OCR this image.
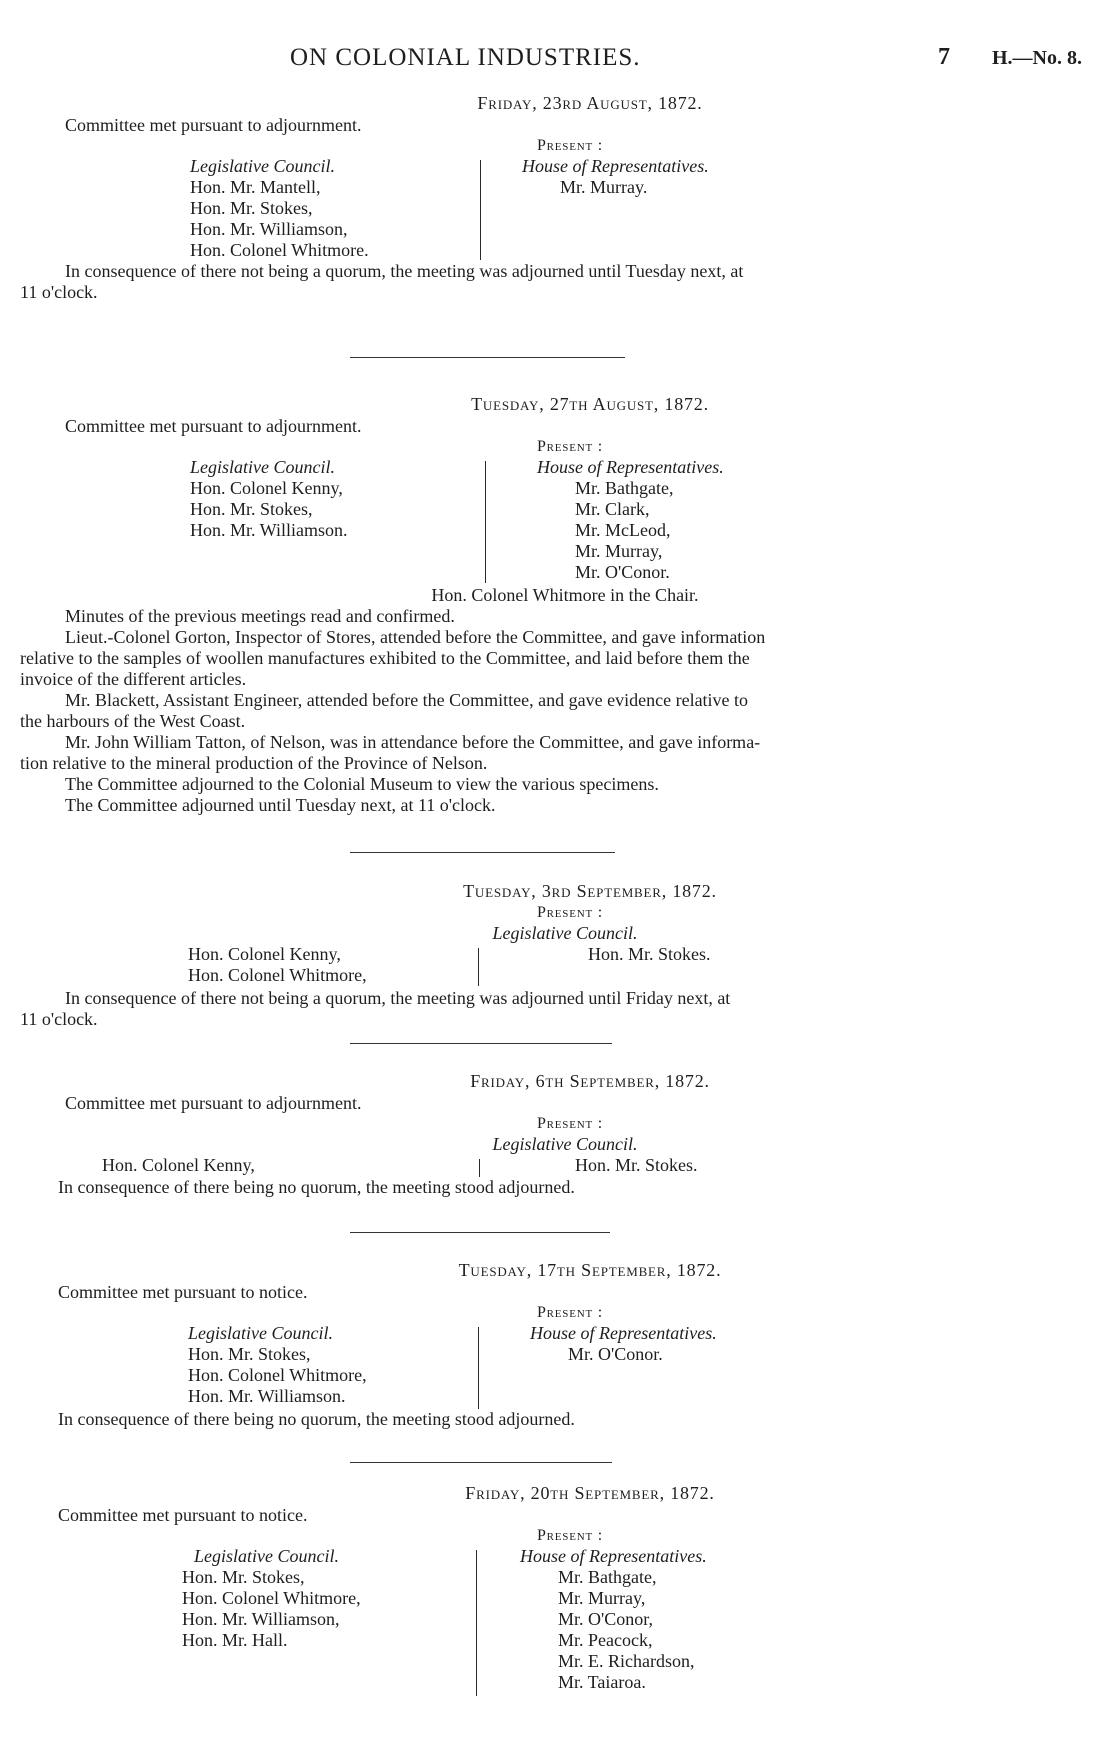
ON COLONIAL INDUSTRIES.	7 H.—No. 8.
Friday, 23rd August, 1872.
Committee met pursuant to adjournment.
Present :
Legislative Council.
Hon. Mr. Mantell,
Hon. Mr. Stokes,
Hon. Mr. Williamson,
Hon. Colonel Whitmore.
House of Representatives.
Mr. Murray.
In consequence of there not being a quorum, the meeting was adjourned until Tuesday next, at
11 o'clock.
Tuesday, 27th August, 1872.
Committee met pursuant to adjournment.
Present :
Legislative Council.
Hon. Colonel Kenny,
Hon. Mr. Stokes,
Hon. Mr. Williamson.
House of Representatives.
Mr. Bathgate,
Mr. Clark,
Mr. McLeod,
Mr. Murray,
Mr. O'Conor.
Hon. Colonel Whitmore in the Chair.
Minutes of the previous meetings read and confirmed.
Lieut.-Colonel Gorton, Inspector of Stores, attended before the Committee, and gave information
relative to the samples of woollen manufactures exhibited to the Committee, and laid before them the
invoice of the different articles.
Mr. Blackett, Assistant Engineer, attended before the Committee, and gave evidence relative to
the harbours of the West Coast.
Mr. John William Tatton, of Nelson, was in attendance before the Committee, and gave informa-
tion relative to the mineral production of the Province of Nelson.
The Committee adjourned to the Colonial Museum to view the various specimens.
The Committee adjourned until Tuesday next, at 11 o'clock.
Tuesday, 3rd September, 1872.
Present :
Legislative Council.
Hon. Colonel Kenny,
Hon. Colonel Whitmore,
Hon. Mr. Stokes.
In consequence of there not being a quorum, the meeting was adjourned until Friday next, at
11 o'clock.
Friday, 6th September, 1872.
Committee met pursuant to adjournment.
Present :
Legislative Council.
Hon. Colonel Kenny,	Hon. Mr. Stokes.
In consequence of there being no quorum, the meeting stood adjourned.
Tuesday, 17th September, 1872.
Committee met pursuant to notice.
Present :
Legislative Council.
Hon. Mr. Stokes,
Hon. Colonel Whitmore,
Hon. Mr. Williamson.
House of Representatives.
Mr. O'Conor.
In consequence of there being no quorum, the meeting stood adjourned.
Friday, 20th September, 1872.
Committee met pursuant to notice.
Present :
Legislative Council.
Hon. Mr. Stokes,
Hon. Colonel Whitmore,
Hon. Mr. Williamson,
Hon. Mr. Hall.
House of Representatives.
Mr. Bathgate,
Mr. Murray,
Mr. O'Conor,
Mr. Peacock,
Mr. E. Richardson,
Mr. Taiaroa.
